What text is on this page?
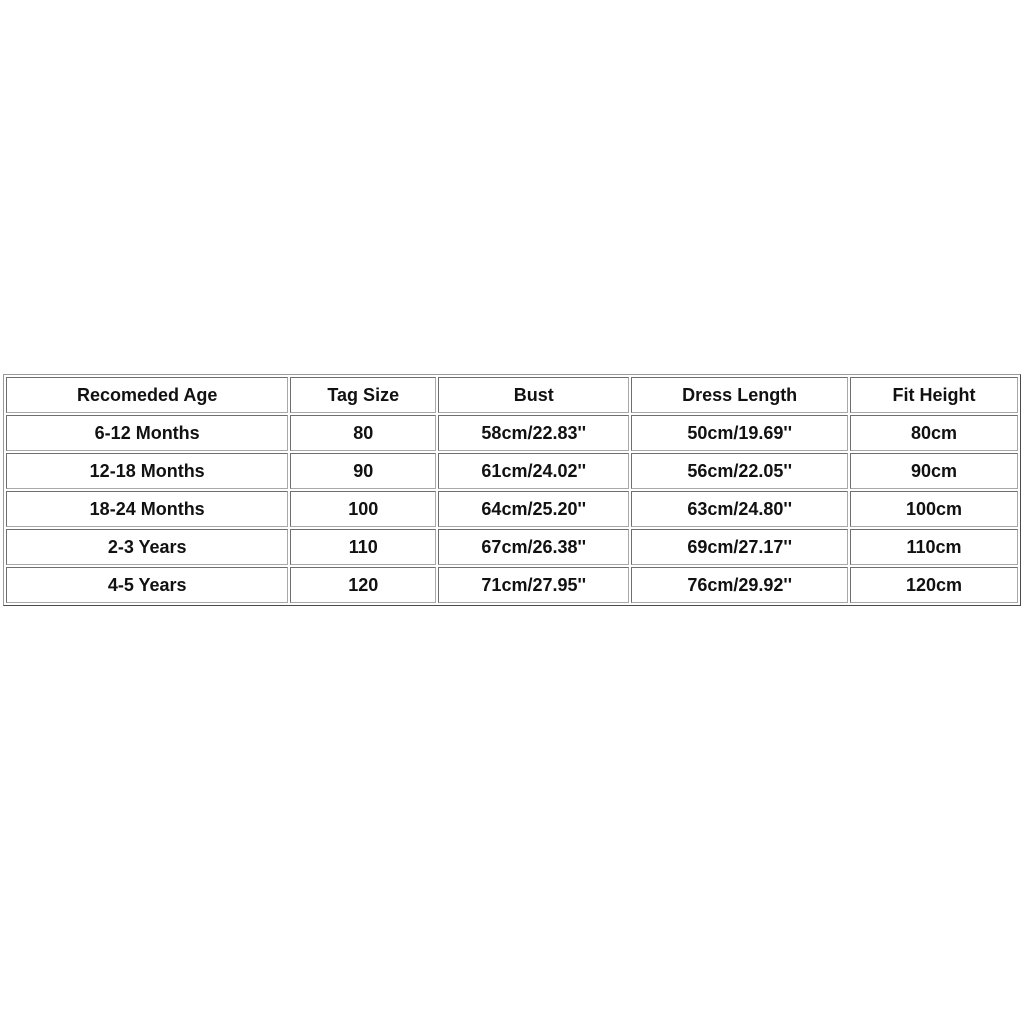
Recomeded Age	Tag Size	Bust	Dress Length	Fit Height
6-12 Months	80	58cm/22.83''	50cm/19.69''	80cm
12-18 Months	90	61cm/24.02''	56cm/22.05''	90cm
18-24 Months	100	64cm/25.20''	63cm/24.80''	100cm
2-3 Years	110	67cm/26.38''	69cm/27.17''	110cm
4-5 Years	120	71cm/27.95''	76cm/29.92''	120cm
